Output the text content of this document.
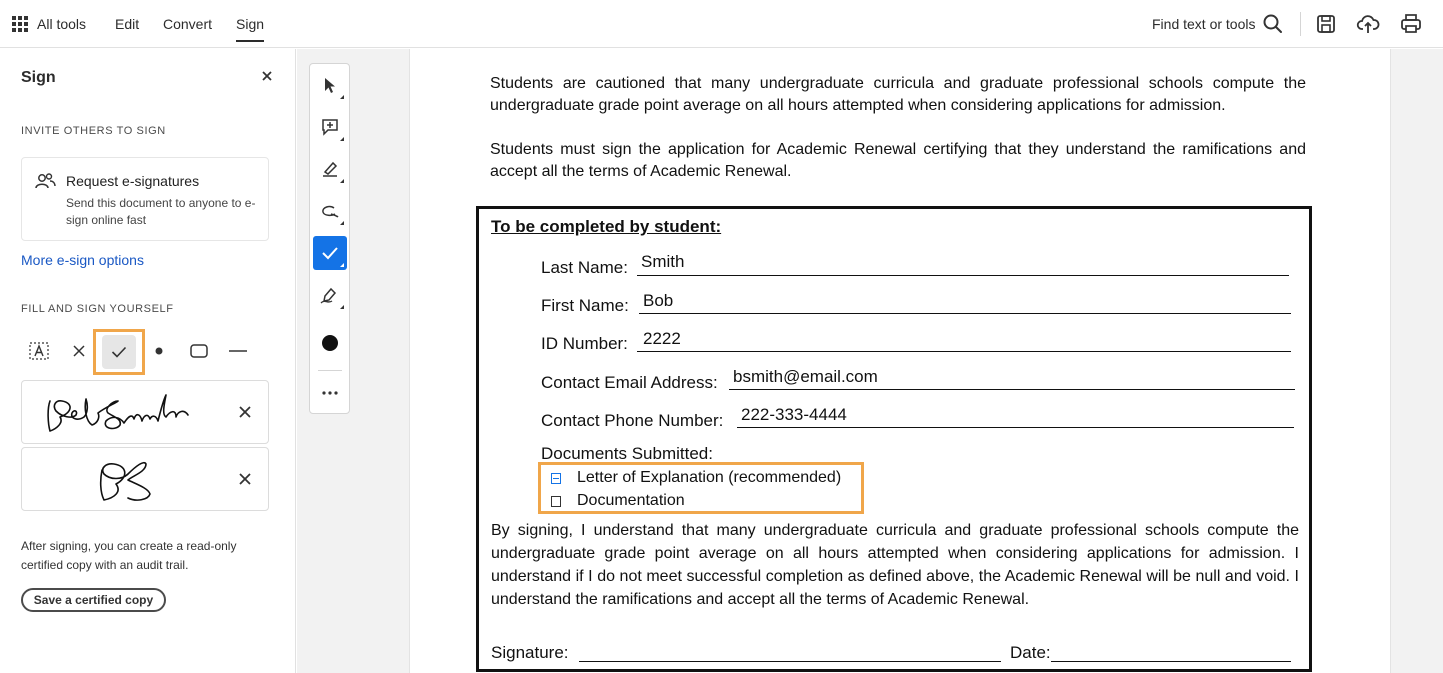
All tools Edit Convert Sign	Find text or tools
Sign
INVITE OTHERS TO SIGN
Request e-signatures
Send this document to anyone to e-sign online fast
More e-sign options
FILL AND SIGN YOURSELF
After signing, you can create a read-only certified copy with an audit trail.
Save a certified copy

Students are cautioned that many undergraduate curricula and graduate professional schools compute the undergraduate grade point average on all hours attempted when considering applications for admission.

Students must sign the application for Academic Renewal certifying that they understand the ramifications and accept all the terms of Academic Renewal.

To be completed by student:
Last Name: Smith
First Name: Bob
ID Number: 2222
Contact Email Address: bsmith@email.com
Contact Phone Number: 222-333-4444
Documents Submitted:
Letter of Explanation (recommended)
Documentation

By signing, I understand that many undergraduate curricula and graduate professional schools compute the undergraduate grade point average on all hours attempted when considering applications for admission. I understand if I do not meet successful completion as defined above, the Academic Renewal will be null and void. I understand the ramifications and accept all the terms of Academic Renewal.

Signature:	Date:
